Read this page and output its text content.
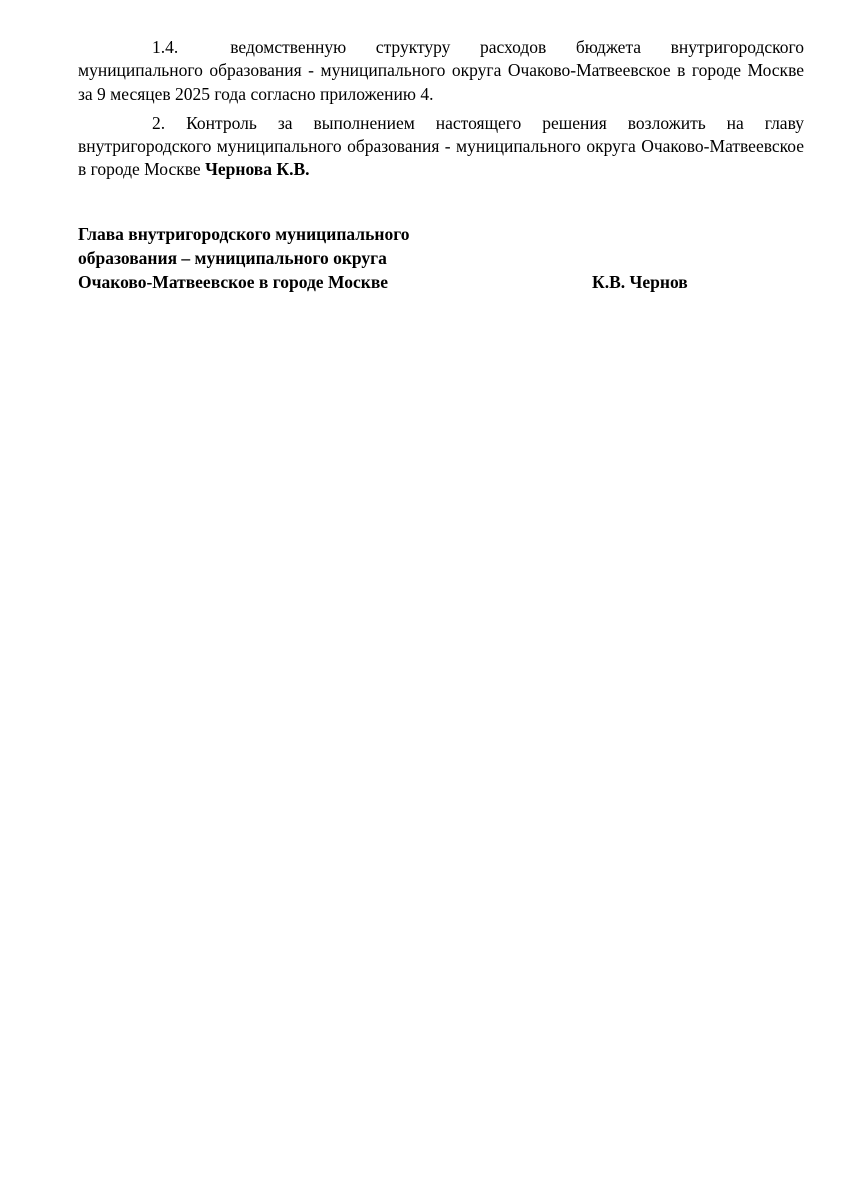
1.4.	ведомственную структуру расходов бюджета внутригородского муниципального образования - муниципального округа Очаково-Матвеевское в городе Москве за 9 месяцев 2025 года согласно приложению 4.

2. Контроль за выполнением настоящего решения возложить на главу внутригородского муниципального образования - муниципального округа Очаково-Матвеевское в городе Москве Чернова К.В.

Глава внутригородского муниципального
образования – муниципального округа
Очаково-Матвеевское в городе Москве	К.В. Чернов
